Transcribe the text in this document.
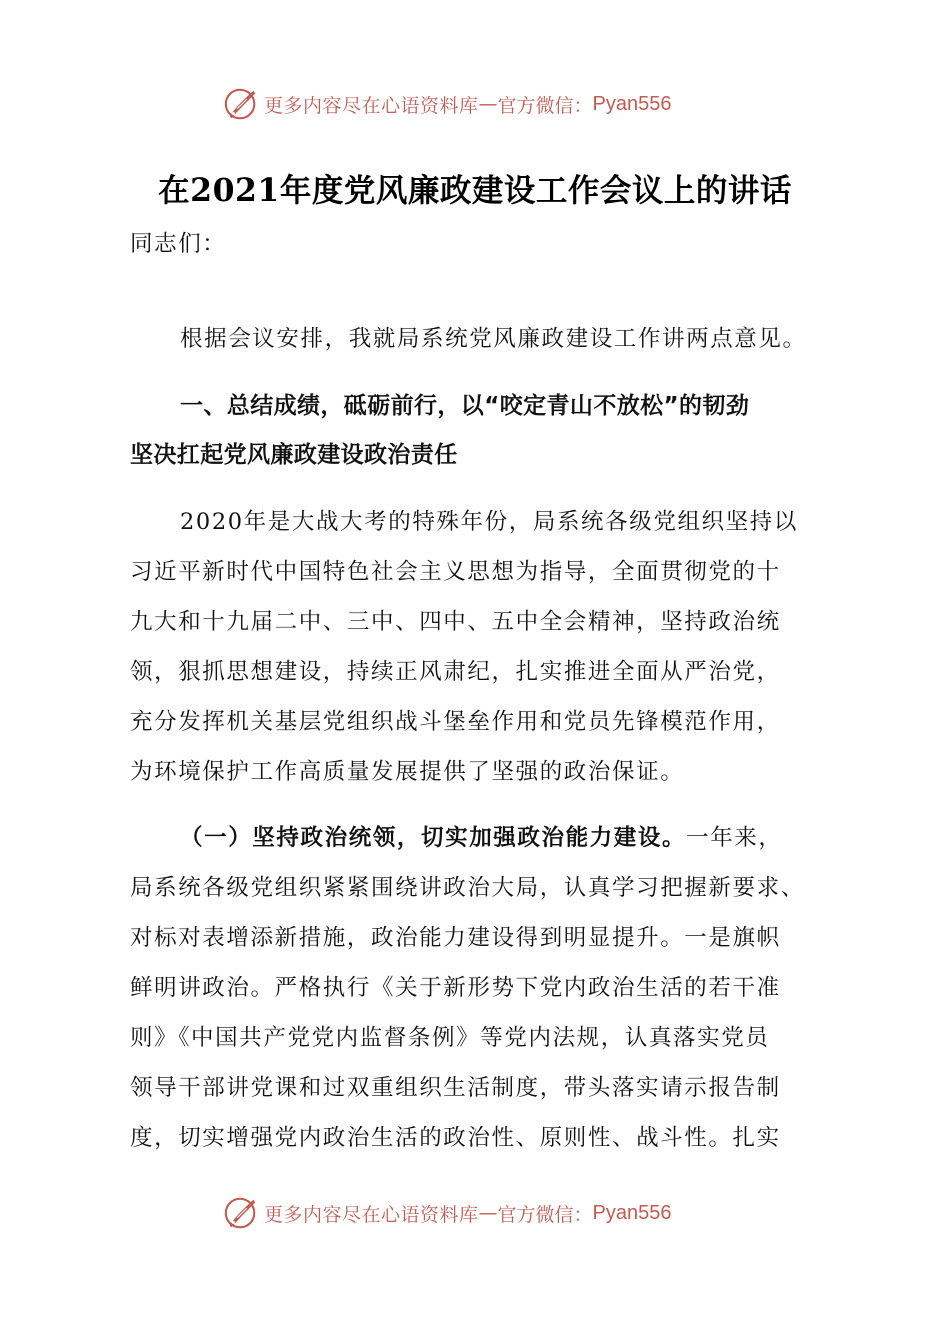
更多内容尽在心语资料库 — 官方微信： Pyan556
在2021年度党风廉政建设工作会议上的讲话
同志们：
根据会议安排，我就局系统党风廉政建设工作讲两点意见。
一、总结成绩，砥砺前行，以“咬定青山不放松”的韧劲
坚决扛起党风廉政建设政治责任
2020年是大战大考的特殊年份，局系统各级党组织坚持以
习近平新时代中国特色社会主义思想为指导，全面贯彻党的十
九大和十九届二中、三中、四中、五中全会精神，坚持政治统
领，狠抓思想建设，持续正风肃纪，扎实推进全面从严治党，
充分发挥机关基层党组织战斗堡垒作用和党员先锋模范作用，
为环境保护工作高质量发展提供了坚强的政治保证。
（一）坚持政治统领，切实加强政治能力建设。一年来，
局系统各级党组织紧紧围绕讲政治大局，认真学习把握新要求、
对标对表增添新措施，政治能力建设得到明显提升。一是旗帜
鲜明讲政治。严格执行《关于新形势下党内政治生活的若干准
则》《中国共产党党内监督条例》等党内法规，认真落实党员
领导干部讲党课和过双重组织生活制度，带头落实请示报告制
度，切实增强党内政治生活的政治性、原则性、战斗性。扎实
更多内容尽在心语资料库 — 官方微信： Pyan556
